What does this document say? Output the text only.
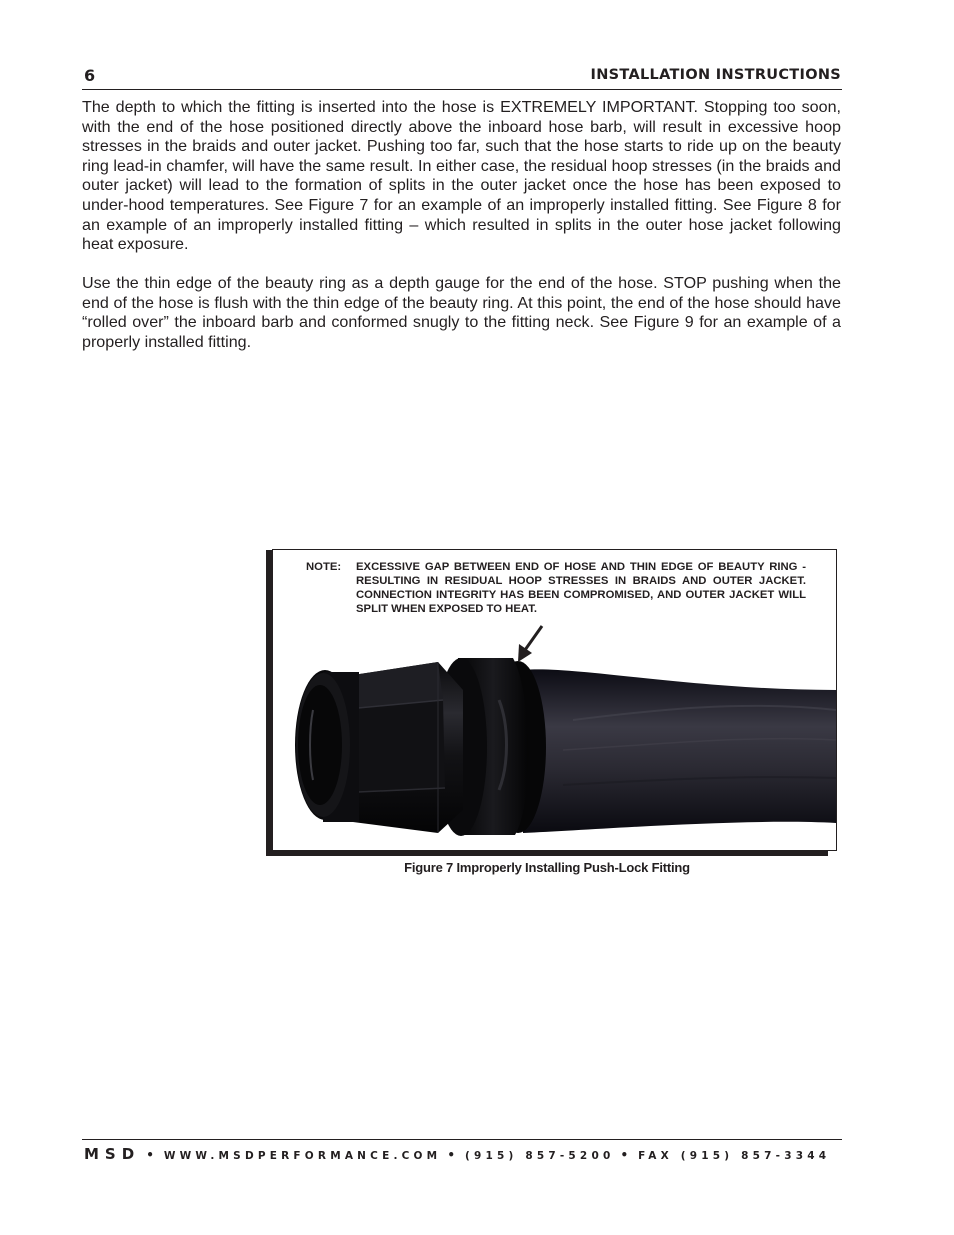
6	INSTALLATION INSTRUCTIONS

The depth to which the fitting is inserted into the hose is EXTREMELY IMPORTANT. Stopping too soon, with the end of the hose positioned directly above the inboard hose barb, will result in excessive hoop stresses in the braids and outer jacket. Pushing too far, such that the hose starts to ride up on the beauty ring lead-in chamfer, will have the same result. In either case, the residual hoop stresses (in the braids and outer jacket) will lead to the formation of splits in the outer jacket once the hose has been exposed to under-hood temperatures. See Figure 7 for an example of an improperly installed fitting. See Figure 8 for an example of an improperly installed fitting – which resulted in splits in the outer hose jacket following heat exposure.

Use the thin edge of the beauty ring as a depth gauge for the end of the hose. STOP pushing when the end of the hose is flush with the thin edge of the beauty ring. At this point, the end of the hose should have “rolled over” the inboard barb and conformed snugly to the fitting neck. See Figure 9 for an example of a properly installed fitting.

NOTE: EXCESSIVE GAP BETWEEN END OF HOSE AND THIN EDGE OF BEAUTY RING - RESULTING IN RESIDUAL HOOP STRESSES IN BRAIDS AND OUTER JACKET. CONNECTION INTEGRITY HAS BEEN COMPROMISED, AND OUTER JACKET WILL SPLIT WHEN EXPOSED TO HEAT.

Figure 7 Improperly Installing Push-Lock Fitting
MSD • WWW.MSDPERFORMANCE.COM • (915) 857-5200 • FAX (915) 857-3344
